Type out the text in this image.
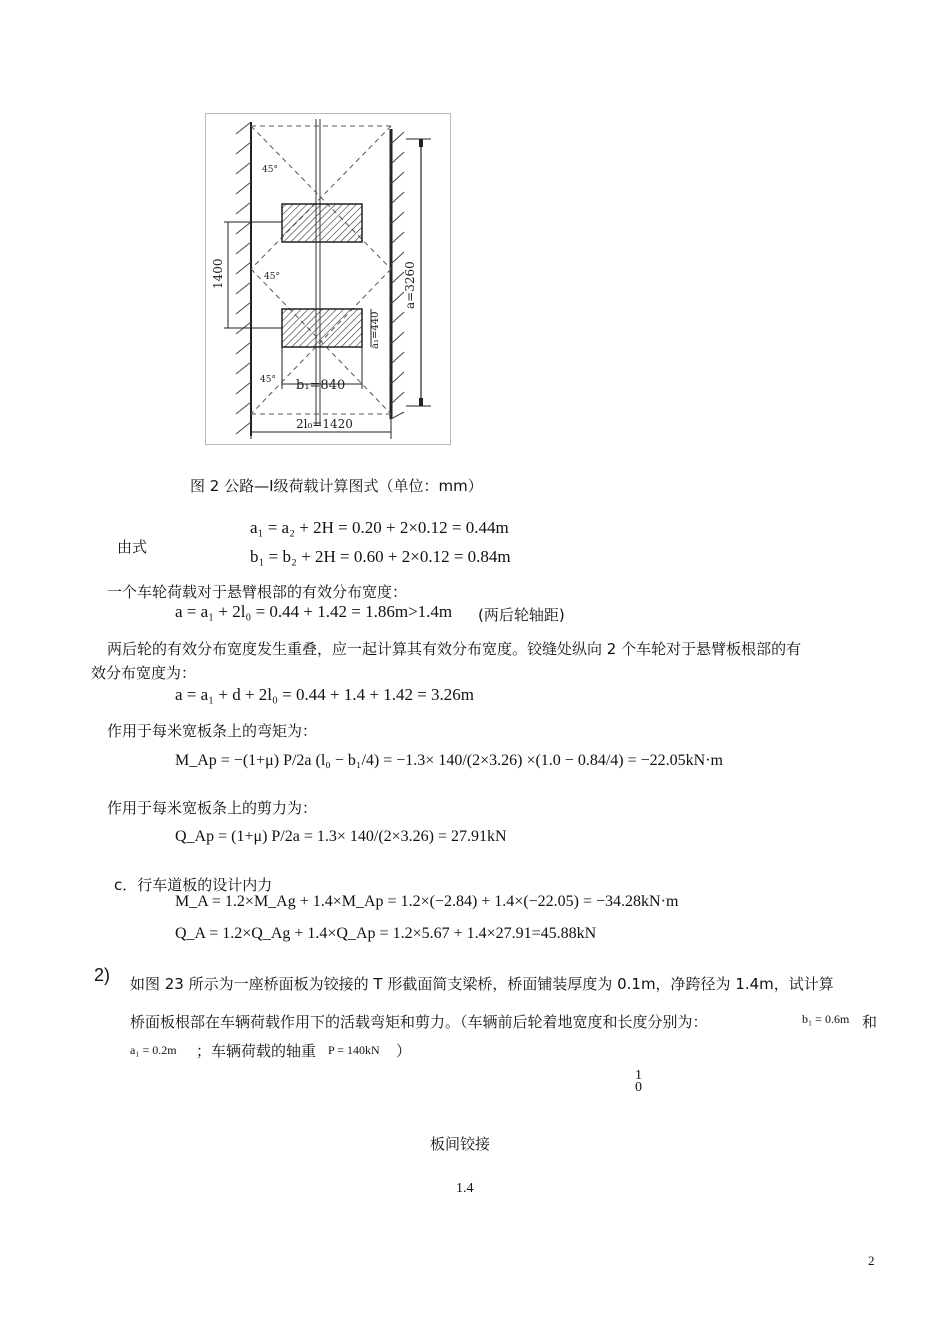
45°
45°
45°
1400	a=3260
a₁=440
b₁=840
2l₀=1420
图 2 公路—Ⅰ级荷载计算图式（单位：mm）
由式
a₁ = a₂ + 2H = 0.20 + 2×0.12 = 0.44m
b₁ = b₂ + 2H = 0.60 + 2×0.12 = 0.84m
一个车轮荷载对于悬臂根部的有效分布宽度：
a = a₁ + 2l₀ = 0.44 + 1.42 = 1.86m>1.4m (两后轮轴距)
两后轮的有效分布宽度发生重叠，应一起计算其有效分布宽度。铰缝处纵向 2 个车轮对于悬臂板根部的有
效分布宽度为：
a = a₁ + d + 2l₀ = 0.44 + 1.4 + 1.42 = 3.26m
作用于每米宽板条上的弯矩为：
M_Ap = −(1+μ) P/2a (l₀ − b₁/4) = −1.3× 140/(2×3.26) ×(1.0 − 0.84/4) = −22.05kN·m
作用于每米宽板条上的剪力为：
Q_Ap = (1+μ) P/2a = 1.3× 140/(2×3.26) = 27.91kN
c．行车道板的设计内力
M_A = 1.2×M_Ag + 1.4×M_Ap = 1.2×(−2.84) + 1.4×(−22.05) = −34.28kN·m
Q_A = 1.2×Q_Ag + 1.4×Q_Ap = 1.2×5.67 + 1.4×27.91=45.88kN
2) 如图 23 所示为一座桥面板为铰接的 T 形截面简支梁桥，桥面铺装厚度为 0.1m，净跨径为 1.4m，试计算
桥面板根部在车辆荷载作用下的活载弯矩和剪力。（车辆前后轮着地宽度和长度分别为：	b₁ = 0.6m 和
a₁ = 0.2m ；车辆荷载的轴重 P = 140kN ）
1
0
板间铰接
1.4
2
